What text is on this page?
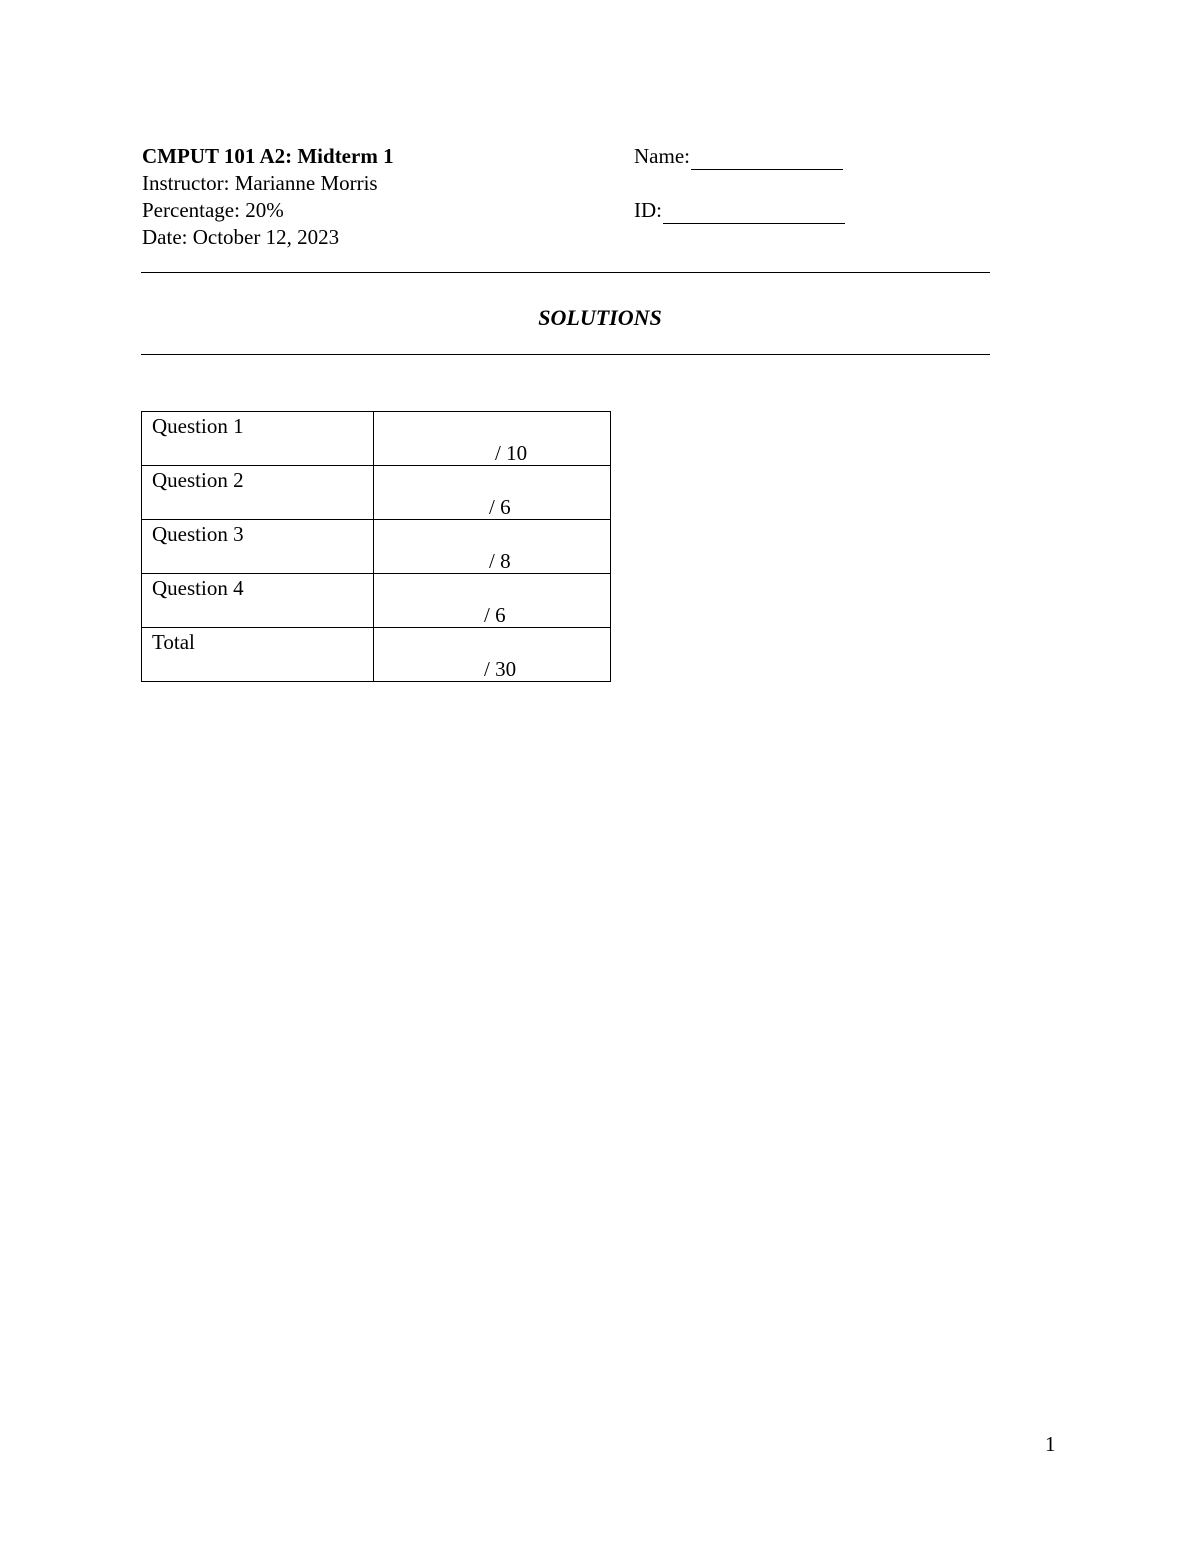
CMPUT 101 A2: Midterm 1
Instructor: Marianne Morris
Percentage: 20%
Date: October 12, 2023
Name:
ID:
SOLUTIONS
Question 1	/ 10

Question 2	/ 6

Question 3	/ 8

Question 4	/ 6

Total	/ 30
1
